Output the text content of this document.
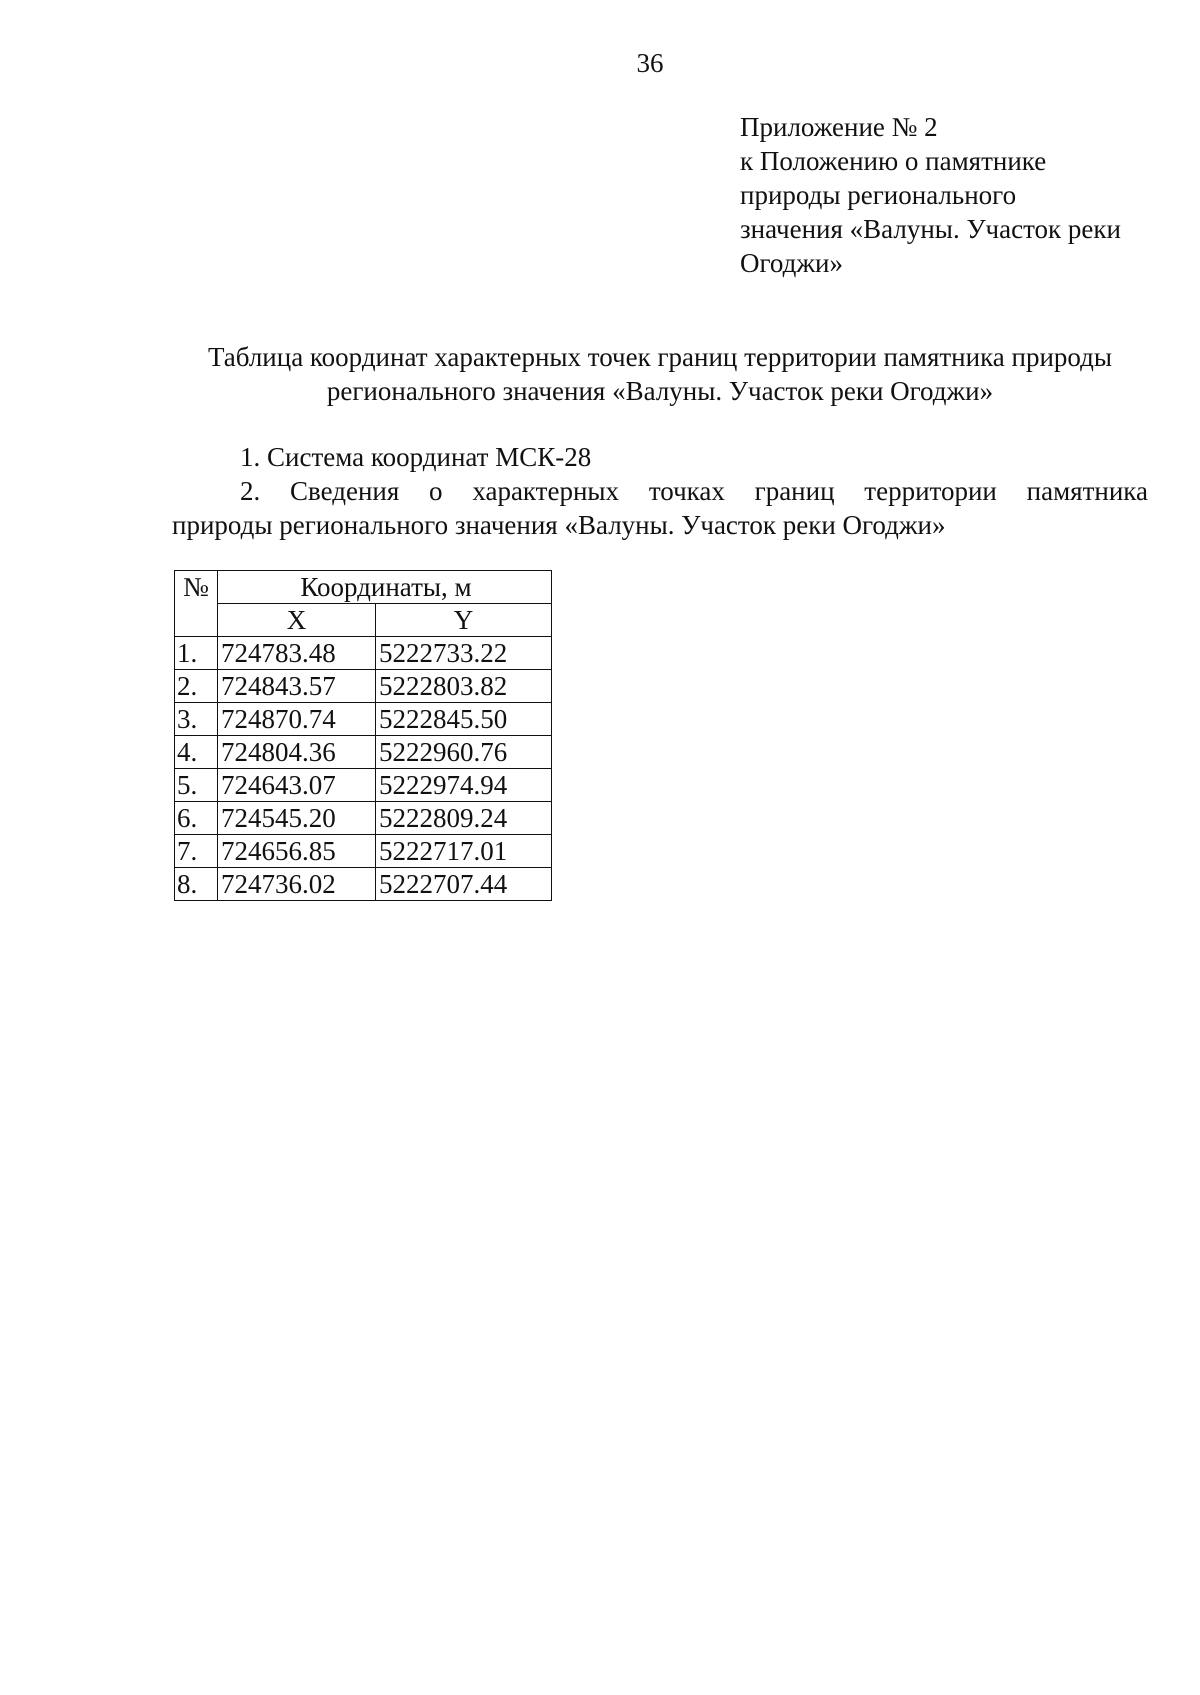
36
Приложение № 2
к Положению о памятнике
природы регионального
значения «Валуны. Участок реки
Огоджи»
Таблица координат характерных точек границ территории памятника природы
регионального значения «Валуны. Участок реки Огоджи»
1. Система координат МСК-28
2. Сведения о характерных точках границ территории памятника
природы регионального значения «Валуны. Участок реки Огоджи»
№	Координаты, м	
	X	Y
1.	724783.48	5222733.22
2.	724843.57	5222803.82
3.	724870.74	5222845.50
4.	724804.36	5222960.76
5.	724643.07	5222974.94
6.	724545.20	5222809.24
7.	724656.85	5222717.01
8.	724736.02	5222707.44
